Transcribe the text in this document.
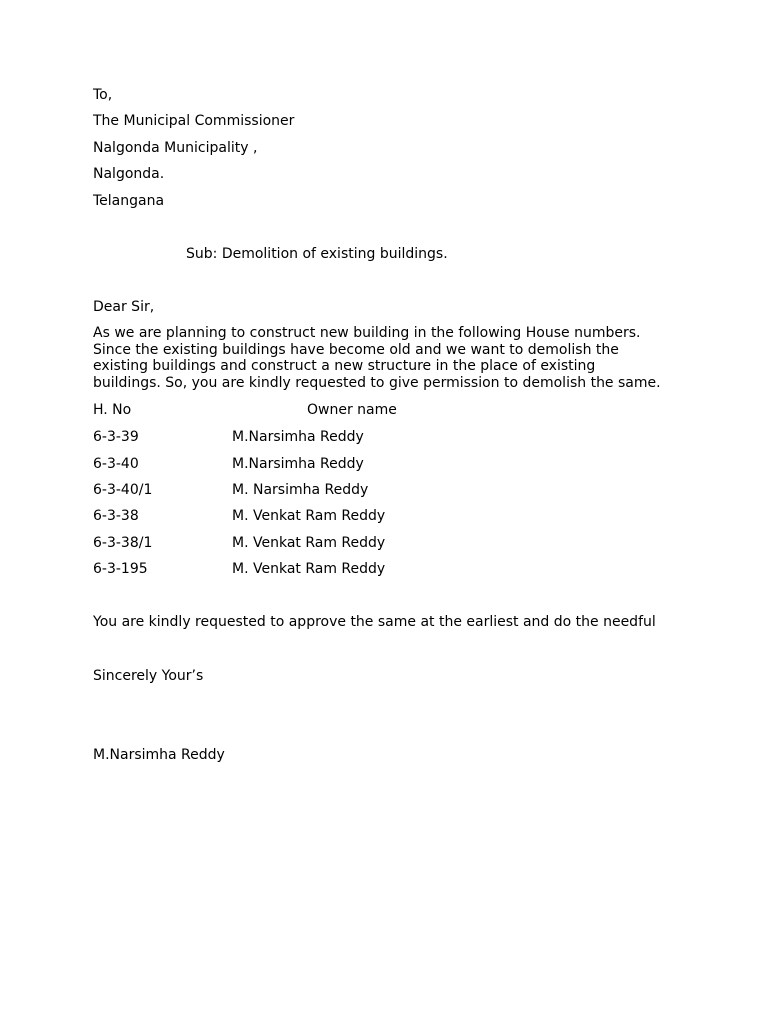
To,
The Municipal Commissioner
Nalgonda Municipality ,
Nalgonda.
Telangana
Sub: Demolition of existing buildings.
Dear Sir,
As we are planning to construct new building in the following House numbers.
Since the existing buildings have become old and we want to demolish the
existing buildings and construct a new structure in the place of existing
buildings. So, you are kindly requested to give permission to demolish the same.
H. No	Owner name
6-3-39	M.Narsimha Reddy
6-3-40	M.Narsimha Reddy
6-3-40/1	M. Narsimha Reddy
6-3-38	M. Venkat Ram Reddy
6-3-38/1	M. Venkat Ram Reddy
6-3-195	M. Venkat Ram Reddy
You are kindly requested to approve the same at the earliest and do the needful
Sincerely Your’s
M.Narsimha Reddy
